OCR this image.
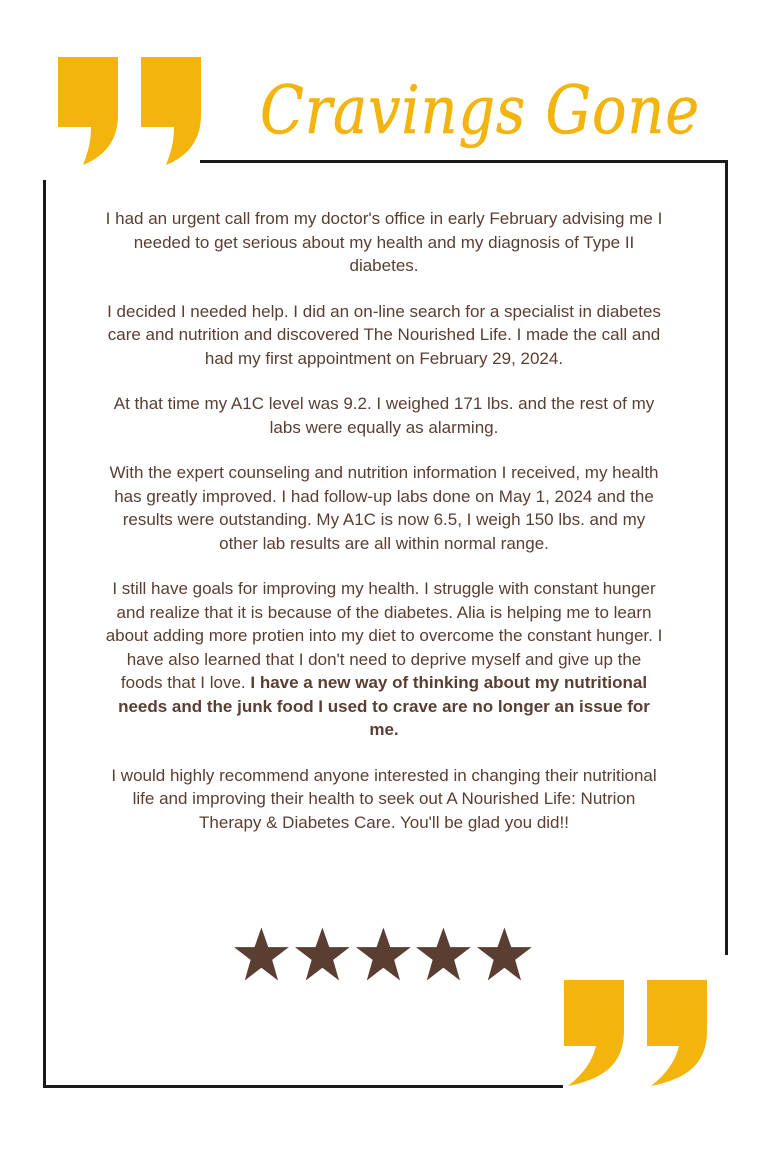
Cravings Gone

I had an urgent call from my doctor's office in early February advising me I needed to get serious about my health and my diagnosis of Type II diabetes.

I decided I needed help. I did an on-line search for a specialist in diabetes care and nutrition and discovered The Nourished Life. I made the call and had my first appointment on February 29, 2024.

At that time my A1C level was 9.2. I weighed 171 lbs. and the rest of my labs were equally as alarming.

With the expert counseling and nutrition information I received, my health has greatly improved. I had follow-up labs done on May 1, 2024 and the results were outstanding. My A1C is now 6.5, I weigh 150 lbs. and my other lab results are all within normal range.

I still have goals for improving my health. I struggle with constant hunger and realize that it is because of the diabetes. Alia is helping me to learn about adding more protien into my diet to overcome the constant hunger. I have also learned that I don't need to deprive myself and give up the foods that I love. I have a new way of thinking about my nutritional needs and the junk food I used to crave are no longer an issue for me.

I would highly recommend anyone interested in changing their nutritional life and improving their health to seek out A Nourished Life: Nutrion Therapy & Diabetes Care. You'll be glad you did!!
